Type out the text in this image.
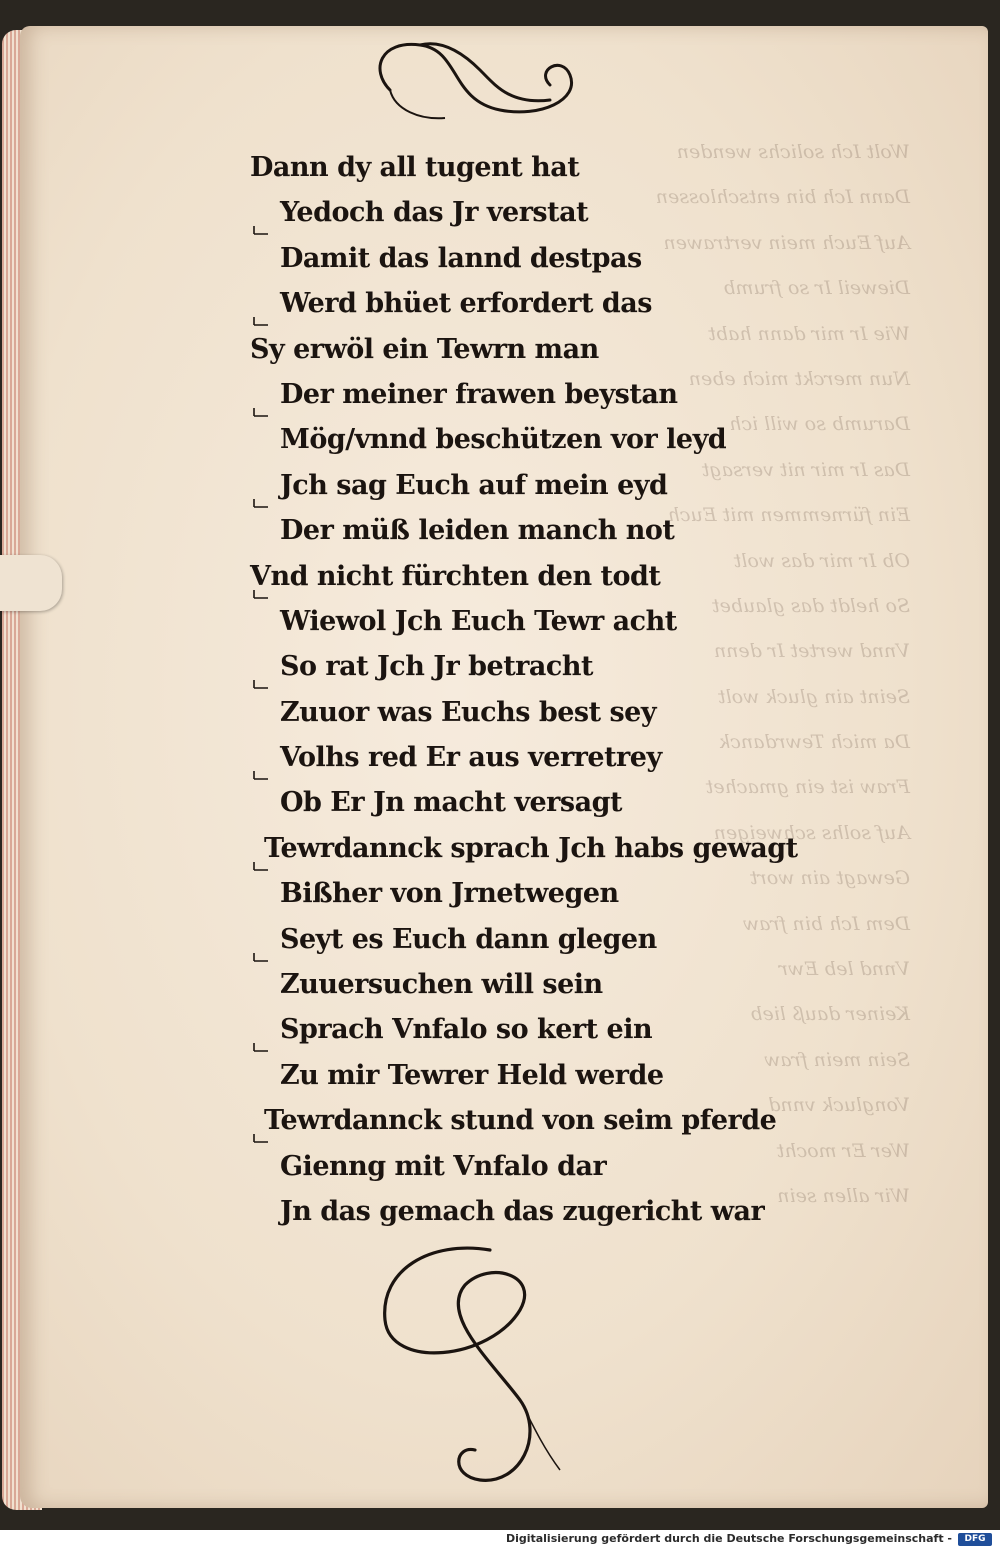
Wolt Ich solichs wenden
Dann Ich bin entschlossen
Auf Euch mein vertrawen
Dieweil Ir so frumb
Wie Ir mir dann habt
Nun merckt mich eben
Darumb so will ich
Das Ir mir nit versagt
Ein fürnemmen mit Euch
Ob Ir mir das wolt
So heldt das glaubet
Vnnd wertet Ir denn
Seint ain gluck wolt
Da mich Tewrdanck
Fraw ist ein gmachet
Auf solhs schweigen
Gewagt ain wort
Dem Ich bin fraw
Vnnd leb Ewr
Keiner dauß lieb
Sein mein fraw
Vongluck vnnd
Wer Er mocht
Wir allen sein
Dann dy all tugent hat
Yedoch das Jr verstat
Damit das lannd destpas
Werd bhüet erfordert das
Sy erwöl ein Tewrn man
Der meiner frawen beystan
Mög/vnnd beschützen vor leyd
Jch sag Euch auf mein eyd
Der müß leiden manch not
Vnd nicht fürchten den todt
Wiewol Jch Euch Tewr acht
So rat Jch Jr betracht
Zuuor was Euchs best sey
Volhs red Er aus verretrey
Ob Er Jn macht versagt
Tewrdannck sprach Jch habs gewagt
Bißher von Jrnetwegen
Seyt es Euch dann glegen
Zuuersuchen will sein
Sprach Vnfalo so kert ein
Zu mir Tewrer Held werde
Tewrdannck stund von seim pferde
Gienng mit Vnfalo dar
Jn das gemach das zugericht war
Digitalisierung gefördert durch die Deutsche Forschungsgemeinschaft -	DFG
